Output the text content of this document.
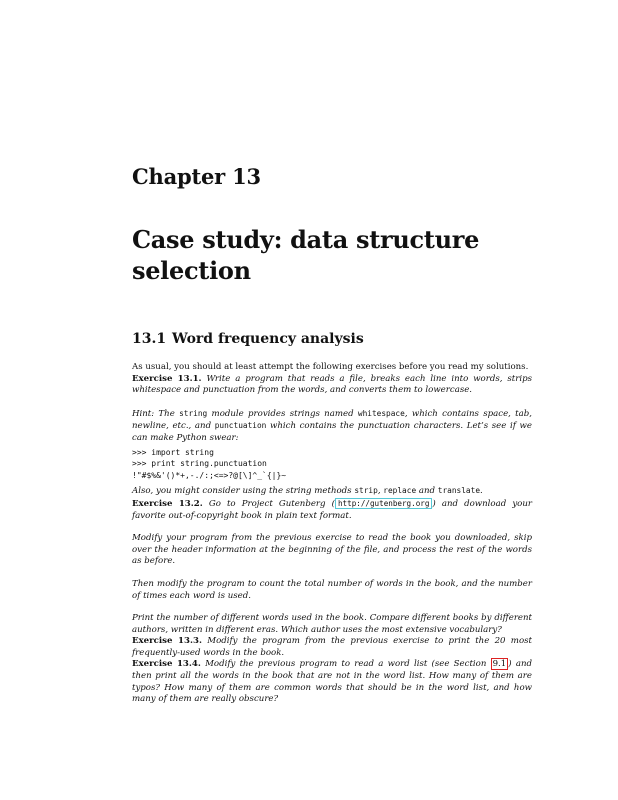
Chapter 13
Case study: data structure selection
13.1 Word frequency analysis

As usual, you should at least attempt the following exercises before you read my solutions.

Exercise 13.1. Write a program that reads a file, breaks each line into words, strips whitespace and punctuation from the words, and converts them to lowercase.

Hint: The string module provides strings named whitespace, which contains space, tab, newline, etc., and punctuation which contains the punctuation characters. Let’s see if we can make Python swear:

>>> import string
>>> print string.punctuation
!"#$%&'()*+,-./:;<=>?@[\]^_`{|}~

Also, you might consider using the string methods strip, replace and translate.

Exercise 13.2. Go to Project Gutenberg ( http://gutenberg.org ) and download your favorite out-of-copyright book in plain text format.

Modify your program from the previous exercise to read the book you downloaded, skip over the header information at the beginning of the file, and process the rest of the words as before.

Then modify the program to count the total number of words in the book, and the number of times each word is used.

Print the number of different words used in the book. Compare different books by different authors, written in different eras. Which author uses the most extensive vocabulary?

Exercise 13.3. Modify the program from the previous exercise to print the 20 most frequently-used words in the book.

Exercise 13.4. Modify the previous program to read a word list (see Section 9.1 ) and then print all the words in the book that are not in the word list. How many of them are typos? How many of them are common words that should be in the word list, and how many of them are really obscure?
